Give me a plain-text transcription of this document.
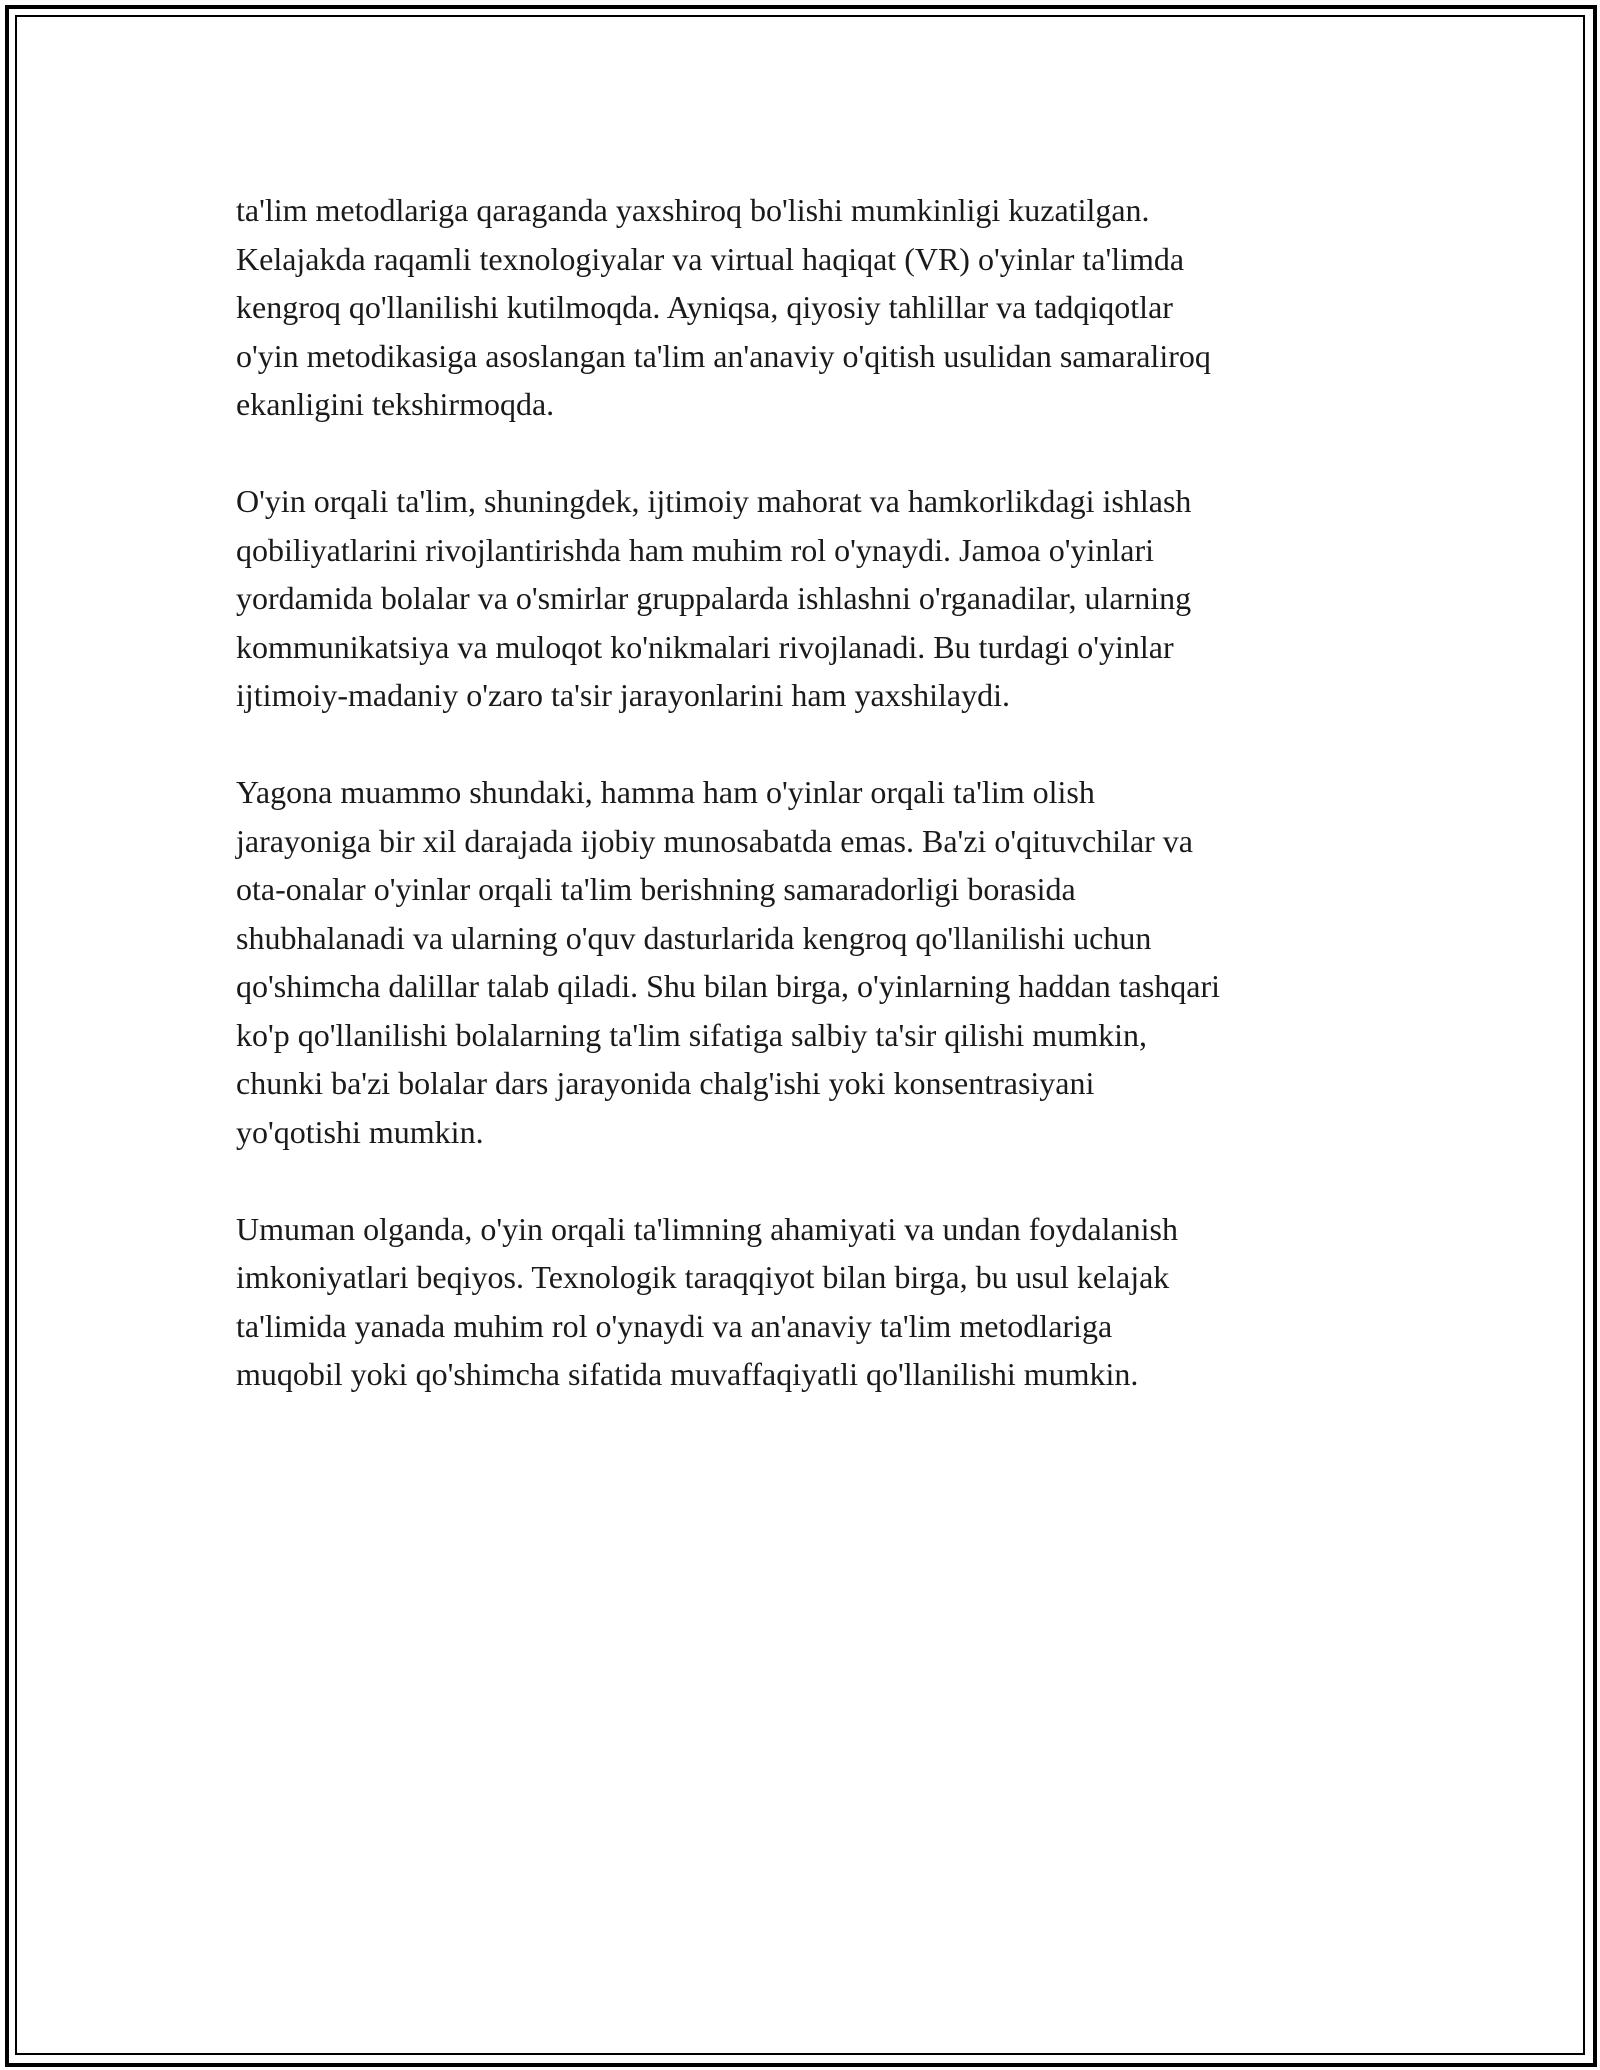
ta'lim metodlariga qaraganda yaxshiroq bo'lishi mumkinligi kuzatilgan.
Kelajakda raqamli texnologiyalar va virtual haqiqat (VR) o'yinlar ta'limda
kengroq qo'llanilishi kutilmoqda. Ayniqsa, qiyosiy tahlillar va tadqiqotlar
o'yin metodikasiga asoslangan ta'lim an'anaviy o'qitish usulidan samaraliroq
ekanligini tekshirmoqda.

O'yin orqali ta'lim, shuningdek, ijtimoiy mahorat va hamkorlikdagi ishlash
qobiliyatlarini rivojlantirishda ham muhim rol o'ynaydi. Jamoa o'yinlari
yordamida bolalar va o'smirlar gruppalarda ishlashni o'rganadilar, ularning
kommunikatsiya va muloqot ko'nikmalari rivojlanadi. Bu turdagi o'yinlar
ijtimoiy-madaniy o'zaro ta'sir jarayonlarini ham yaxshilaydi.

Yagona muammo shundaki, hamma ham o'yinlar orqali ta'lim olish
jarayoniga bir xil darajada ijobiy munosabatda emas. Ba'zi o'qituvchilar va
ota-onalar o'yinlar orqali ta'lim berishning samaradorligi borasida
shubhalanadi va ularning o'quv dasturlarida kengroq qo'llanilishi uchun
qo'shimcha dalillar talab qiladi. Shu bilan birga, o'yinlarning haddan tashqari
ko'p qo'llanilishi bolalarning ta'lim sifatiga salbiy ta'sir qilishi mumkin,
chunki ba'zi bolalar dars jarayonida chalg'ishi yoki konsentrasiyani
yo'qotishi mumkin.

Umuman olganda, o'yin orqali ta'limning ahamiyati va undan foydalanish
imkoniyatlari beqiyos. Texnologik taraqqiyot bilan birga, bu usul kelajak
ta'limida yanada muhim rol o'ynaydi va an'anaviy ta'lim metodlariga
muqobil yoki qo'shimcha sifatida muvaffaqiyatli qo'llanilishi mumkin.
